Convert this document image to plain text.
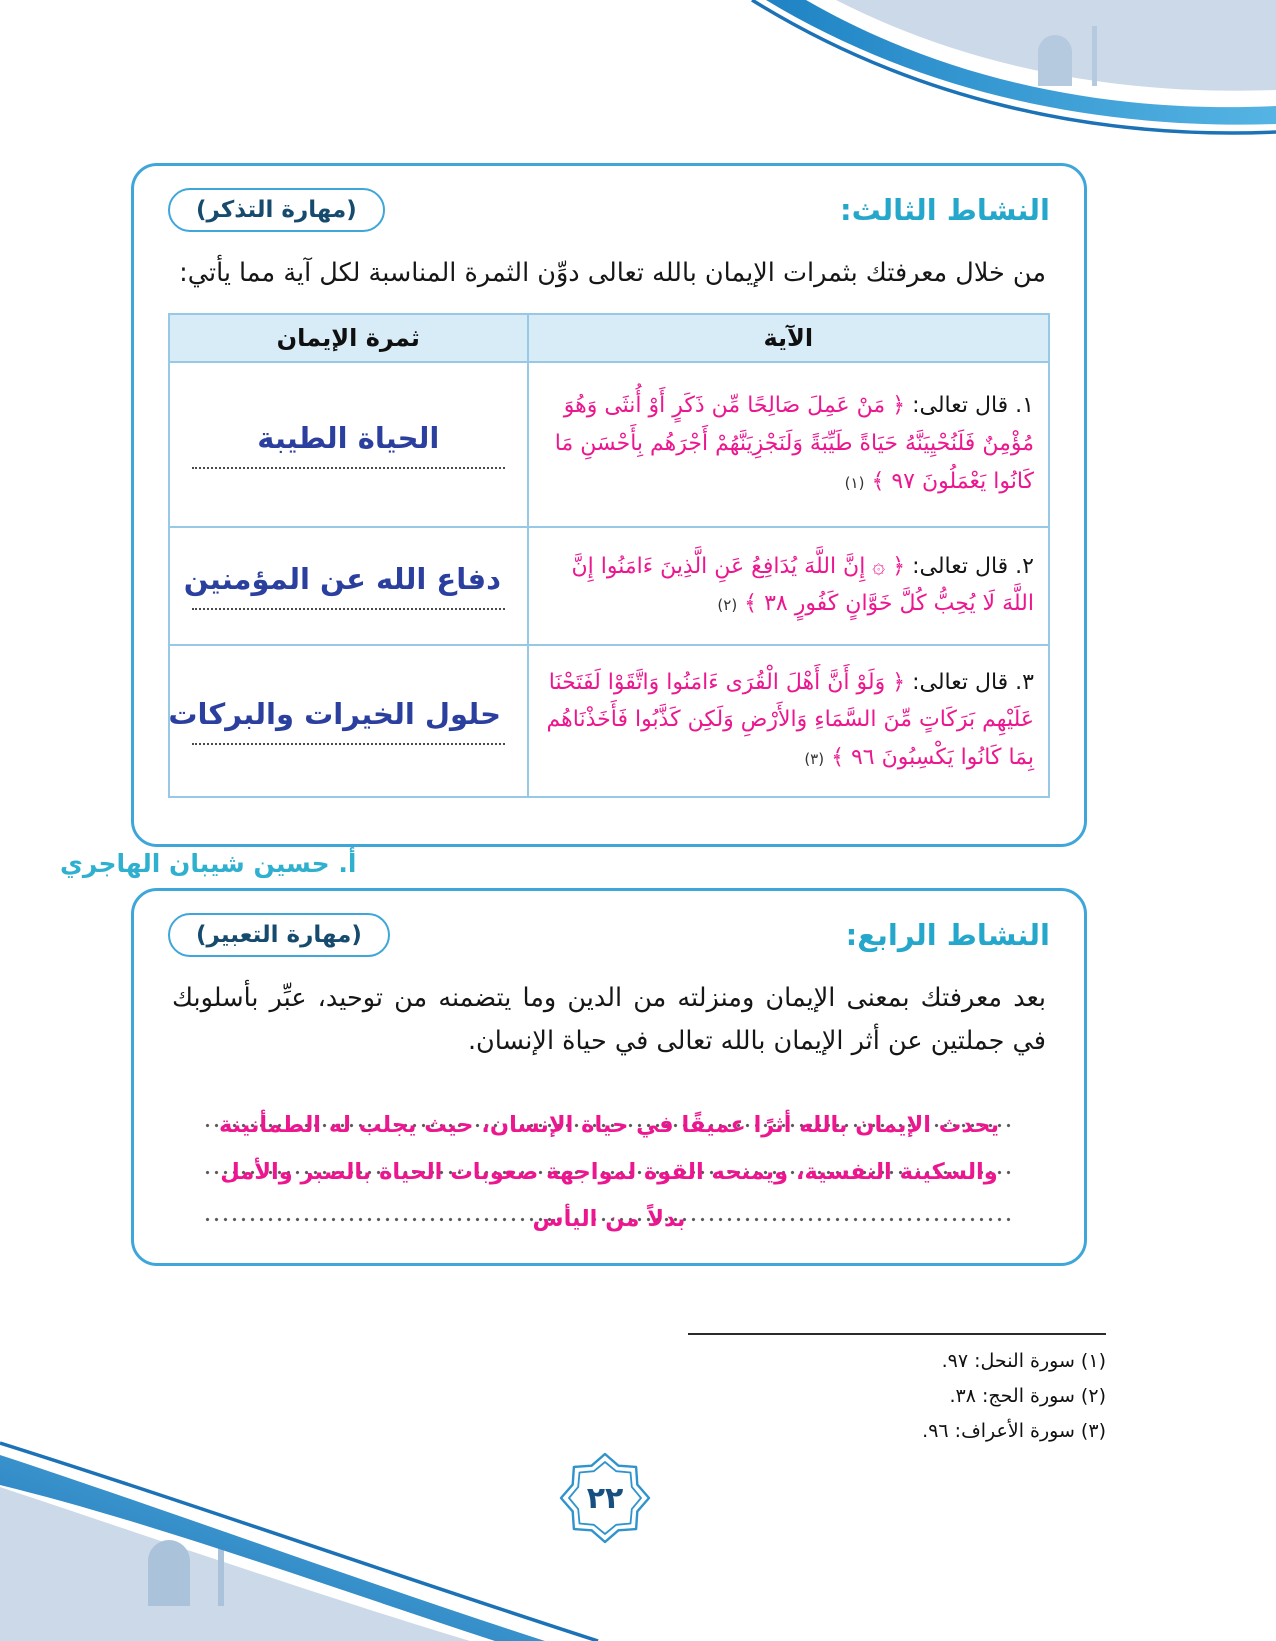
النشاط الثالث:
(مهارة التذكر)

من خلال معرفتك بثمرات الإيمان بالله تعالى دوِّن الثمرة المناسبة لكل آية مما يأتي:

الآية	ثمرة الإيمان
١. قال تعالى: ﴿ مَنْ عَمِلَ صَالِحًا مِّن ذَكَرٍ أَوْ أُنثَى وَهُوَ مُؤْمِنٌ فَلَنُحْيِيَنَّهُ حَيَاةً طَيِّبَةً وَلَنَجْزِيَنَّهُمْ أَجْرَهُم بِأَحْسَنِ مَا كَانُوا يَعْمَلُونَ ٩٧ ﴾ (١)	الحياة الطيبة
٢. قال تعالى: ﴿ ۞ إِنَّ اللَّهَ يُدَافِعُ عَنِ الَّذِينَ ءَامَنُوا إِنَّ اللَّهَ لَا يُحِبُّ كُلَّ خَوَّانٍ كَفُورٍ ٣٨ ﴾ (٢)	دفاع الله عن المؤمنين
٣. قال تعالى: ﴿ وَلَوْ أَنَّ أَهْلَ الْقُرَى ءَامَنُوا وَاتَّقَوْا لَفَتَحْنَا عَلَيْهِم بَرَكَاتٍ مِّنَ السَّمَاءِ وَالأَرْضِ وَلَكِن كَذَّبُوا فَأَخَذْنَاهُم بِمَا كَانُوا يَكْسِبُونَ ٩٦ ﴾ (٣)	حلول الخيرات والبركات
أ. حسين شيبان الهاجري
النشاط الرابع:
(مهارة التعبير)

بعد معرفتك بمعنى الإيمان ومنزلته من الدين وما يتضمنه من توحيد، عبِّر بأسلوبك في جملتين عن أثر الإيمان بالله تعالى في حياة الإنسان.

يحدث الإيمان بالله أثرًا عميقًا في حياة الإنسان، حيث يجلب له الطمأنينة والسكينة النفسية، ويمنحه القوة لمواجهة صعوبات الحياة بالصبر والأمل بدلاً من اليأس

(١) سورة النحل: ٩٧.
(٢) سورة الحج: ٣٨.
(٣) سورة الأعراف: ٩٦.
٢٢
